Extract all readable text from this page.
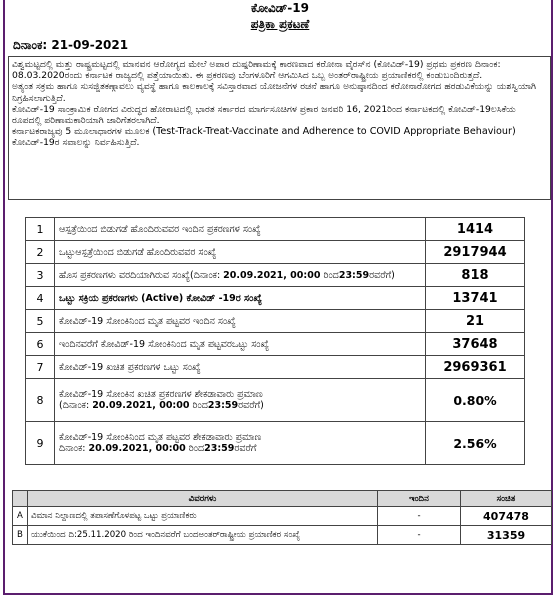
ಕೋವಿಡ್-19
ಪತ್ರಿಕಾ ಪ್ರಕಟಣೆ
ದಿನಾಂಕ: 21-09-2021

ವಿಶ್ವಮಟ್ಟದಲ್ಲಿ ಮತ್ತು ರಾಷ್ಟ್ರಮಟ್ಟದಲ್ಲಿ ಮಾನವನ ಆರೋಗ್ಯದ ಮೇಲೆ ಅಪಾರ ದುಷ್ಪರಿಣಾಮಕ್ಕೆ ಕಾರಣವಾದ ಕರೋನಾ ವೈರಸ್‌ನ (ಕೋವಿಡ್-19) ಪ್ರಥಮ ಪ್ರಕರಣ ದಿನಾಂಕ: 08.03.2020ರಂದು ಕರ್ನಾಟಕ ರಾಜ್ಯದಲ್ಲಿ ಪತ್ತೆಯಾಯಿತು. ಈ ಪ್ರಕರಣವು ಬೆಂಗಳೂರಿಗೆ ಆಗಮಿಸಿದ ಒಬ್ಬ ಅಂತರ್‌ರಾಷ್ಟ್ರೀಯ ಪ್ರಯಾಣಿಕರಲ್ಲಿ ಕಂಡುಬಂದಿರುತ್ತದೆ.

ಅತ್ಯಂತ ಸಕ್ರಮ ಹಾಗೂ ಸುಸಜ್ಜಿತಕಣ್ಗಾವಲು ವ್ಯವಸ್ಥೆ ಹಾಗೂ ಕಾಲಕಾಲಕ್ಕೆ ಸವಿಸ್ತಾರವಾದ ಯೋಜನೆಗಳ ರಚನೆ ಹಾಗೂ ಅನುಷ್ಠಾನದಿಂದ ಕರೋನಾರೋಗದ ಹರಡುವಿಕೆಯನ್ನು ಯಶಸ್ವಿಯಾಗಿ ನಿಗ್ರಹಿಸಲಾಗುತ್ತಿದೆ.

ಕೋವಿಡ್-19 ಸಾಂಕ್ರಾಮಿಕ ರೋಗದ ವಿರುದ್ಧದ ಹೋರಾಟದಲ್ಲಿ ಭಾರತ ಸರ್ಕಾರದ ಮಾರ್ಗಸೂಚಿಗಳ ಪ್ರಕಾರ ಜನವರಿ 16, 2021ರಿಂದ ಕರ್ನಾಟಕದಲ್ಲಿ ಕೋವಿಡ್-19ಲಸಿಕೆಯ ರೂಪದಲ್ಲಿ ಪರಿಣಾಮಕಾರಿಯಾಗಿ ಜಾರಿಗೆತರಲಾಗಿದೆ.

ಕರ್ನಾಟಕರಾಜ್ಯವು 5 ಮೂಲಾಧಾರಗಳ ಮೂಲಕ (Test-Track-Treat-Vaccinate and Adherence to COVID Appropriate Behaviour) ಕೋವಿಡ್-19ರ ಸವಾಲನ್ನು ನಿರ್ವಹಿಸುತ್ತಿದೆ.

1	ಆಸ್ಪತ್ರೆಯಿಂದ ಬಿಡುಗಡೆ ಹೊಂದಿರುವವರ ಇಂದಿನ ಪ್ರಕರಣಗಳ ಸಂಖ್ಯೆ	1414
2	ಒಟ್ಟುಆಸ್ಪತ್ರೆಯಿಂದ ಬಿಡುಗಡೆ ಹೊಂದಿರುವವರ ಸಂಖ್ಯೆ	2917944
3	ಹೊಸ ಪ್ರಕರಣಗಳು ವರದಿಯಾಗಿರುವ ಸಂಖ್ಯೆ(ದಿನಾಂಕ: 20.09.2021, 00:00 ರಿಂದ23:59ರವರೆಗೆ)	818
4	ಒಟ್ಟು ಸಕ್ರಿಯ ಪ್ರಕರಣಗಳು (Active) ಕೋವಿಡ್ -19ರ ಸಂಖ್ಯೆ	13741
5	ಕೋವಿಡ್-19 ಸೋಂಕಿನಿಂದ ಮೃತ ಪಟ್ಟವರ ಇಂದಿನ ಸಂಖ್ಯೆ	21
6	ಇಂದಿನವರೆಗೆ ಕೋವಿಡ್-19 ಸೋಂಕಿನಿಂದ ಮೃತ ಪಟ್ಟವರಒಟ್ಟು ಸಂಖ್ಯೆ	37648
7	ಕೋವಿಡ್-19 ಖಚಿತ ಪ್ರಕರಣಗಳ ಒಟ್ಟು ಸಂಖ್ಯೆ	2969361
8	ಕೋವಿಡ್-19 ಸೋಂಕಿನ ಖಚಿತ ಪ್ರಕರಣಗಳ ಶೇಕಡಾವಾರು ಪ್ರಮಾಣ
(ದಿನಾಂಕ: 20.09.2021, 00:00 ರಿಂದ23:59ರವರೆಗೆ)	0.80%
9	ಕೋವಿಡ್-19 ಸೋಂಕಿನಿಂದ ಮೃತ ಪಟ್ಟವರ ಶೇಕಡಾವಾರು ಪ್ರಮಾಣ
ದಿನಾಂಕ: 20.09.2021, 00:00 ರಿಂದ23:59ರವರೆಗೆ	2.56%
	ವಿವರಗಳು	ಇಂದಿನ	ಸಂಚಿತ
A	ವಿಮಾನ ನಿಲ್ದಾಣದಲ್ಲಿ ತಪಾಸಣೆಗೊಳಪಟ್ಟ ಒಟ್ಟು ಪ್ರಯಾಣಿಕರು	-	407478
B	ಯುಕೆಯಿಂದ ದಿ:25.11.2020 ರಿಂದ ಇಂದಿನವರೆಗೆ ಬಂದಅಂತರ್‌ರಾಷ್ಟ್ರೀಯ ಪ್ರಯಾಣಿಕರ ಸಂಖ್ಯೆ	-	31359
